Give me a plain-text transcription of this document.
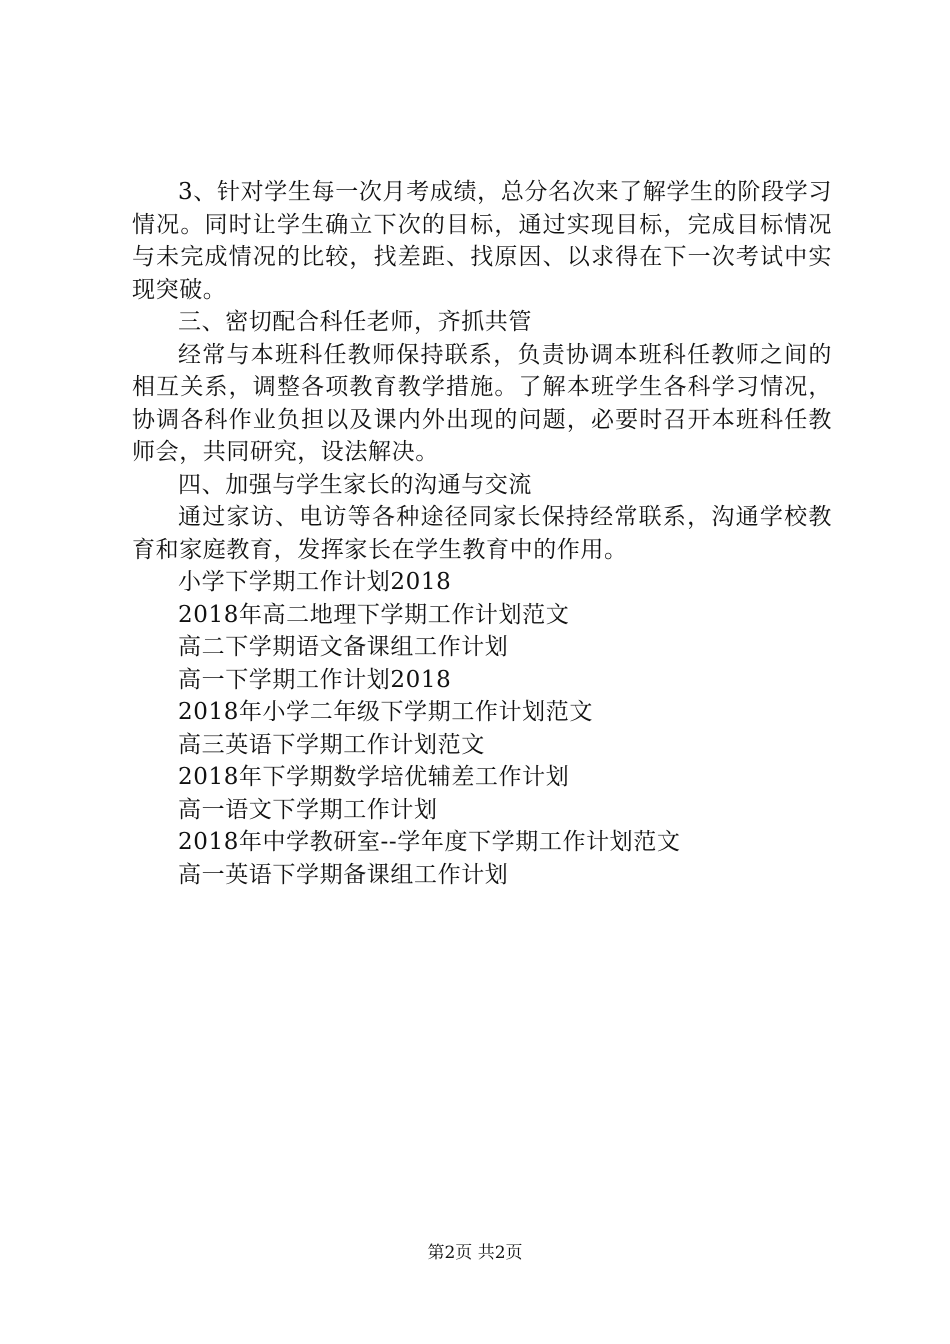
3、针对学生每一次月考成绩，总分名次来了解学生的阶段学习情况。同时让学生确立下次的目标，通过实现目标，完成目标情况与未完成情况的比较，找差距、找原因、以求得在下一次考试中实现突破。

三、密切配合科任老师，齐抓共管

经常与本班科任教师保持联系，负责协调本班科任教师之间的相互关系，调整各项教育教学措施。了解本班学生各科学习情况，协调各科作业负担以及课内外出现的问题，必要时召开本班科任教师会，共同研究，设法解决。

四、加强与学生家长的沟通与交流

通过家访、电访等各种途径同家长保持经常联系，沟通学校教育和家庭教育，发挥家长在学生教育中的作用。

小学下学期工作计划2018
2018年高二地理下学期工作计划范文
高二下学期语文备课组工作计划
高一下学期工作计划2018
2018年小学二年级下学期工作计划范文
高三英语下学期工作计划范文
2018年下学期数学培优辅差工作计划
高一语文下学期工作计划
2018年中学教研室--学年度下学期工作计划范文
高一英语下学期备课组工作计划
第2页 共2页
